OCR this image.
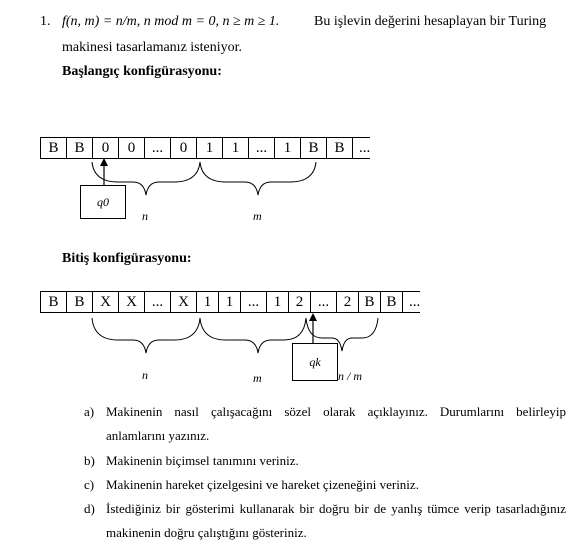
1. f(n, m) = n/m, n mod m = 0, n ≥ m ≥ 1. Bu işlevin değerini hesaplayan bir Turing
makinesi tasarlamanız isteniyor.
Başlangıç konfigürasyonu:
B	B	0	0	...	0	1	1	...	1	B	B ...
q0
n	m
Bitiş konfigürasyonu:
B	B	X	X ... X 1 1 ... 1 2 ... 2 B B ...
qk
n	m	n / m
a) Makinenin nasıl çalışacağını sözel olarak açıklayınız. Durumlarını belirleyip anlamlarını yazınız.
b) Makinenin biçimsel tanımını veriniz.
c) Makinenin hareket çizelgesini ve hareket çizeneğini veriniz.
d) İstediğiniz bir gösterimi kullanarak bir doğru bir de yanlış tümce verip tasarladığınız makinenin doğru çalıştığını gösteriniz.
